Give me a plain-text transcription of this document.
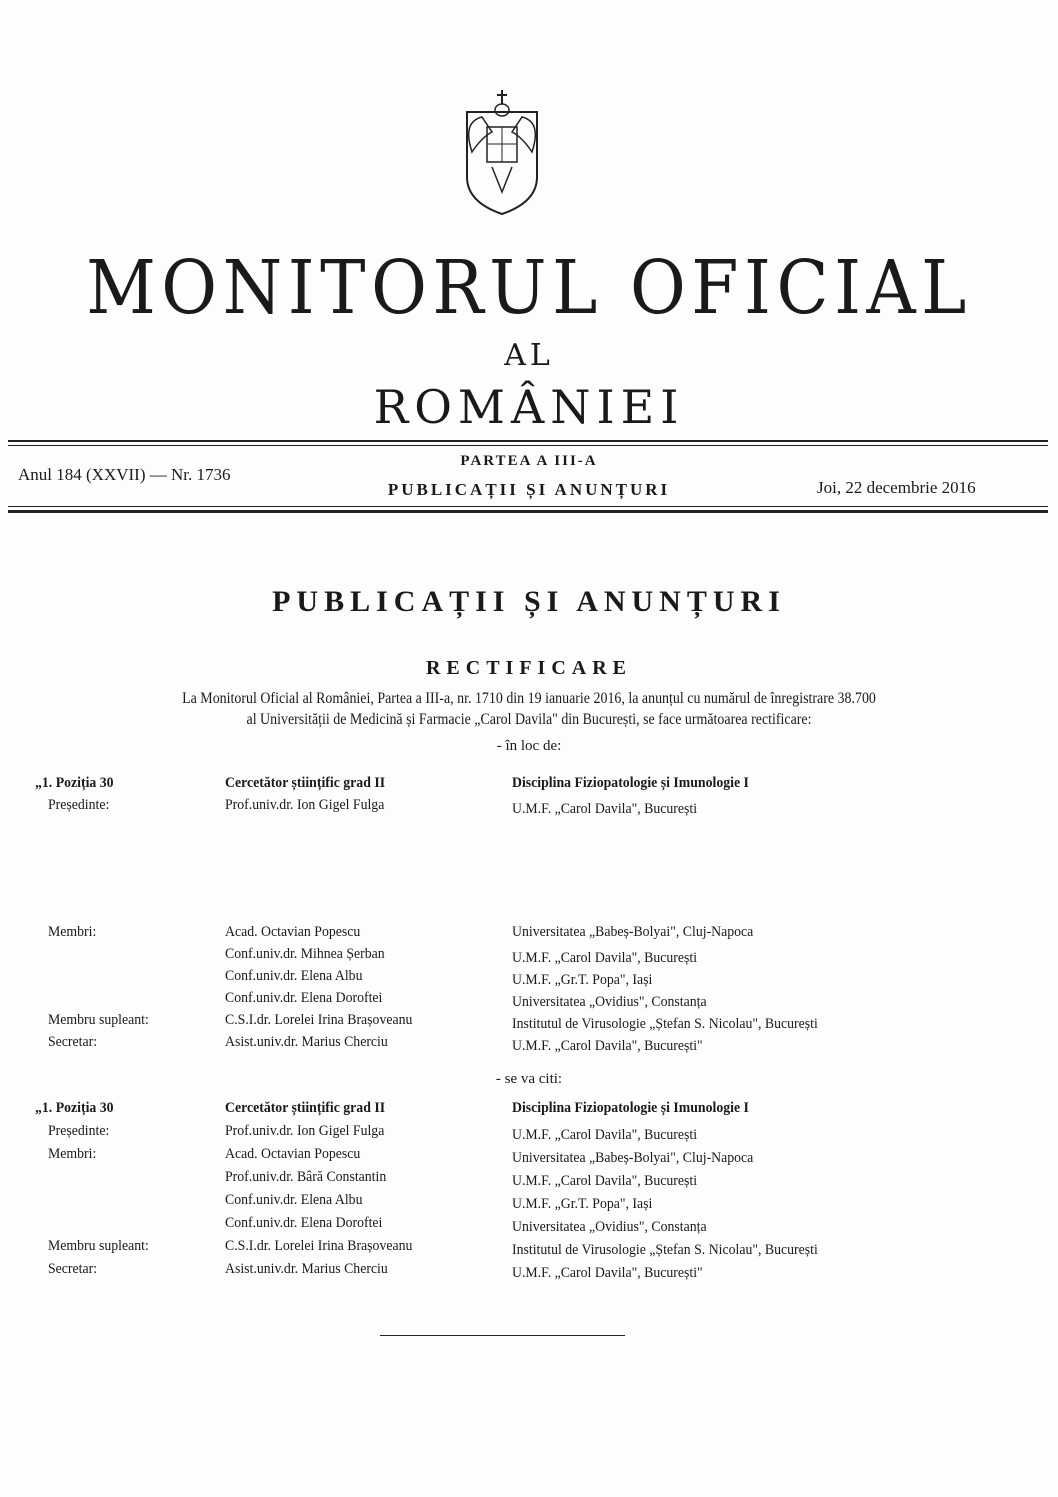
MONITORUL OFICIAL
AL
ROMÂNIEI
Anul 184 (XXVII) — Nr. 1736
PARTEA A III-A
PUBLICAȚII ȘI ANUNȚURI	Joi, 22 decembrie 2016
PUBLICAȚII ȘI ANUNȚURI
RECTIFICARE
La Monitorul Oficial al României, Partea a III-a, nr. 1710 din 19 ianuarie 2016, la anunțul cu numărul de înregistrare 38.700
al Universității de Medicină și Farmacie „Carol Davila" din București, se face următoarea rectificare:
- în loc de:
- se va citi:
„1. Poziția 30	Cercetător științific grad II	Disciplina Fiziopatologie și Imunologie I
Președinte:	Prof.univ.dr. Ion Gigel Fulga	U.M.F. „Carol Davila", București
Membri:	Acad. Octavian Popescu	Universitatea „Babeș-Bolyai", Cluj-Napoca
Conf.univ.dr. Mihnea Șerban	U.M.F. „Carol Davila", București
Conf.univ.dr. Elena Albu	U.M.F. „Gr.T. Popa", Iași
Conf.univ.dr. Elena Doroftei	Universitatea „Ovidius", Constanța
Membru supleant:	C.S.I.dr. Lorelei Irina Brașoveanu	Institutul de Virusologie „Ștefan S. Nicolau", București
Secretar:	Asist.univ.dr. Marius Cherciu	U.M.F. „Carol Davila", București"
„1. Poziția 30	Cercetător științific grad II	Disciplina Fiziopatologie și Imunologie I
Președinte:	Prof.univ.dr. Ion Gigel Fulga	U.M.F. „Carol Davila", București
Membri:	Acad. Octavian Popescu	Universitatea „Babeș-Bolyai", Cluj-Napoca
Prof.univ.dr. Bâră Constantin	U.M.F. „Carol Davila", București
Conf.univ.dr. Elena Albu	U.M.F. „Gr.T. Popa", Iași
Conf.univ.dr. Elena Doroftei	Universitatea „Ovidius", Constanța
Membru supleant:	C.S.I.dr. Lorelei Irina Brașoveanu	Institutul de Virusologie „Ștefan S. Nicolau", București
Secretar:	Asist.univ.dr. Marius Cherciu	U.M.F. „Carol Davila", București"
